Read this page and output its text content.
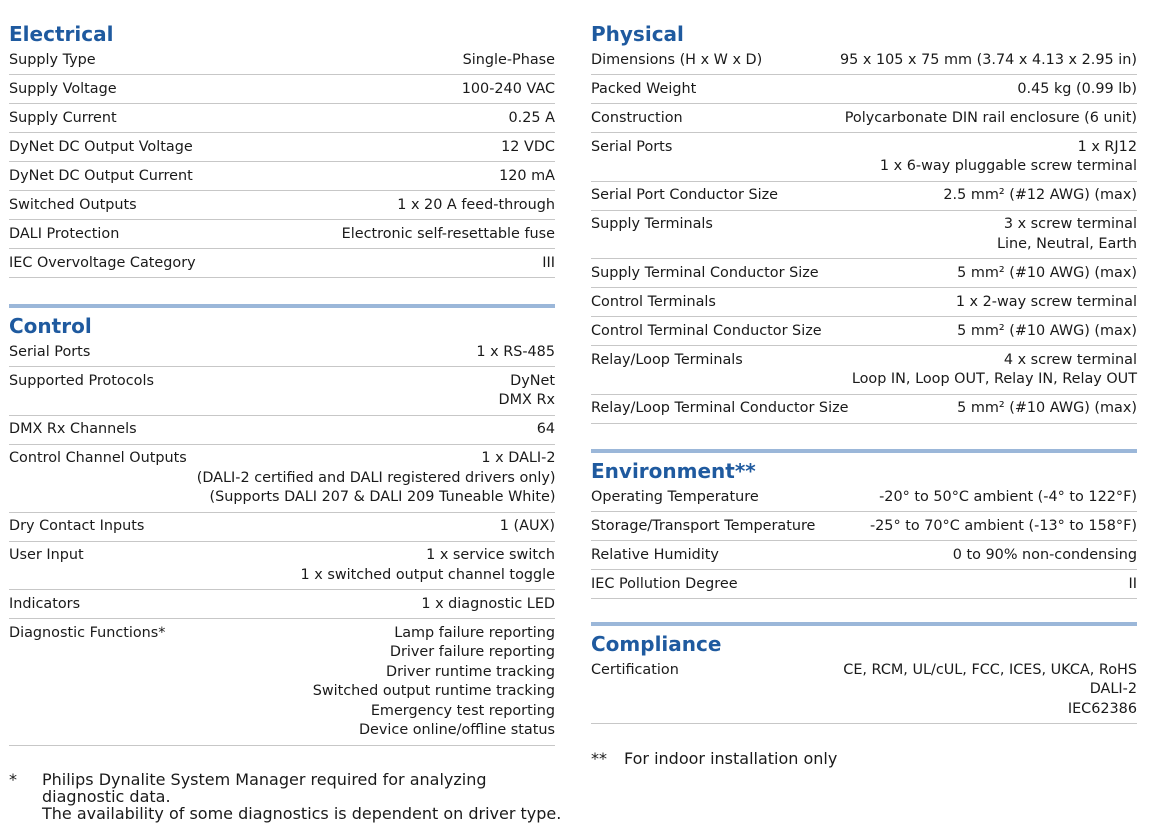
Electrical
Supply Type	Single-Phase
Supply Voltage	100-240 VAC
Supply Current	0.25 A
DyNet DC Output Voltage	12 VDC
DyNet DC Output Current	120 mA
Switched Outputs	1 x 20 A feed-through
DALI Protection	Electronic self-resettable fuse
IEC Overvoltage Category	III
Control
Serial Ports	1 x RS-485
Supported Protocols	DyNet
DMX Rx
DMX Rx Channels	64
Control Channel Outputs	1 x DALI-2
(DALI-2 certified and DALI registered drivers only)
(Supports DALI 207 & DALI 209 Tuneable White)
Dry Contact Inputs	1 (AUX)
User Input	1 x service switch
1 x switched output channel toggle
Indicators	1 x diagnostic LED
Diagnostic Functions*	Lamp failure reporting
Driver failure reporting
Driver runtime tracking
Switched output runtime tracking
Emergency test reporting
Device online/offline status
* Philips Dynalite System Manager required for analyzing
diagnostic data.
The availability of some diagnostics is dependent on driver type.
Physical
Dimensions (H x W x D)	95 x 105 x 75 mm (3.74 x 4.13 x 2.95 in)
Packed Weight	0.45 kg (0.99 lb)
Construction	Polycarbonate DIN rail enclosure (6 unit)
Serial Ports	1 x RJ12
1 x 6-way pluggable screw terminal
Serial Port Conductor Size	2.5 mm² (#12 AWG) (max)
Supply Terminals	3 x screw terminal
Line, Neutral, Earth
Supply Terminal Conductor Size	5 mm² (#10 AWG) (max)
Control Terminals	1 x 2-way screw terminal
Control Terminal Conductor Size	5 mm² (#10 AWG) (max)
Relay/Loop Terminals	4 x screw terminal
Loop IN, Loop OUT, Relay IN, Relay OUT
Relay/Loop Terminal Conductor Size	5 mm² (#10 AWG) (max)
Environment**
Operating Temperature	-20° to 50°C ambient (-4° to 122°F)
Storage/Transport Temperature	-25° to 70°C ambient (-13° to 158°F)
Relative Humidity	0 to 90% non-condensing
IEC Pollution Degree	II
Compliance
Certification	CE, RCM, UL/cUL, FCC, ICES, UKCA, RoHS
DALI-2
IEC62386
** For indoor installation only
